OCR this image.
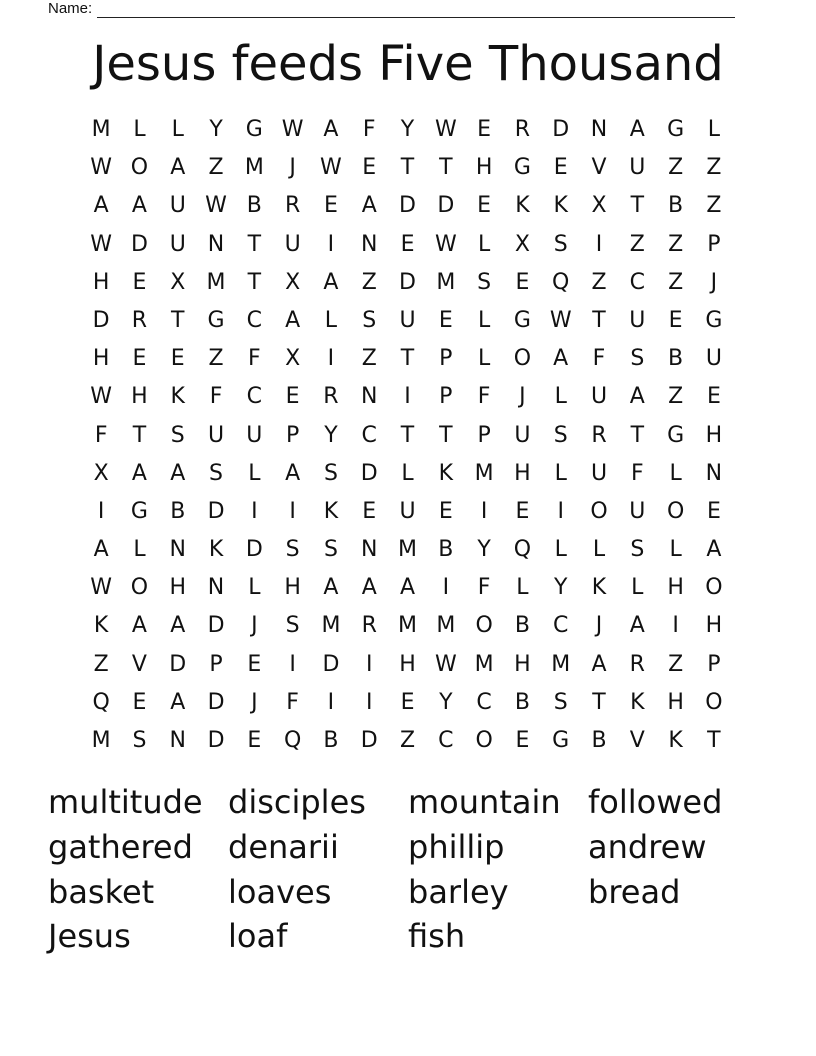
Name:
Jesus feeds Five Thousand
M	L	L	Y	G W A	F	Y W E	R	D N	A	G	L
W O	A	Z M	J	W E	T	T	H G	E	V	U	Z	Z
A	A	U W B	R	E	A	D D	E	K	K	X	T	B	Z
W D U	N	T	U	I	N	E W L	X	S	I	Z	Z	P
H	E	X M	T	X	A	Z	D M S	E	Q	Z	C	Z	J
D	R	T	G	C	A	L	S	U	E	L	G W T	U	E	G
H	E	E	Z	F	X	I	Z	T	P	L	O	A	F	S	B	U
W H	K	F	C	E	R	N	I	P	F	J	L	U	A	Z	E
F	T	S	U	U	P	Y	C	T	T	P	U	S	R	T	G H
X	A	A	S	L	A	S	D	L	K M H	L	U	F	L	N
I	G	B	D	I	I	K	E	U	E	I	E	I	O U O	E
A	L	N	K	D	S	S	N M B	Y	Q	L	L	S	L	A
W O H N	L	H	A	A	A	I	F	L	Y	K	L	H O
K	A	A	D	J	S M R M M O	B	C	J	A	I	H
Z	V	D	P	E	I	D	I	H W M H M A	R	Z	P
Q	E	A	D	J	F	I	I	E	Y	C	B	S	T	K	H O
M S	N D	E	Q	B	D	Z	C O	E	G	B	V	K	T
multitude disciples	mountain followed
gathered	denarii	phillip	andrew
basket	loaves	barley	bread
Jesus	loaf	fish
